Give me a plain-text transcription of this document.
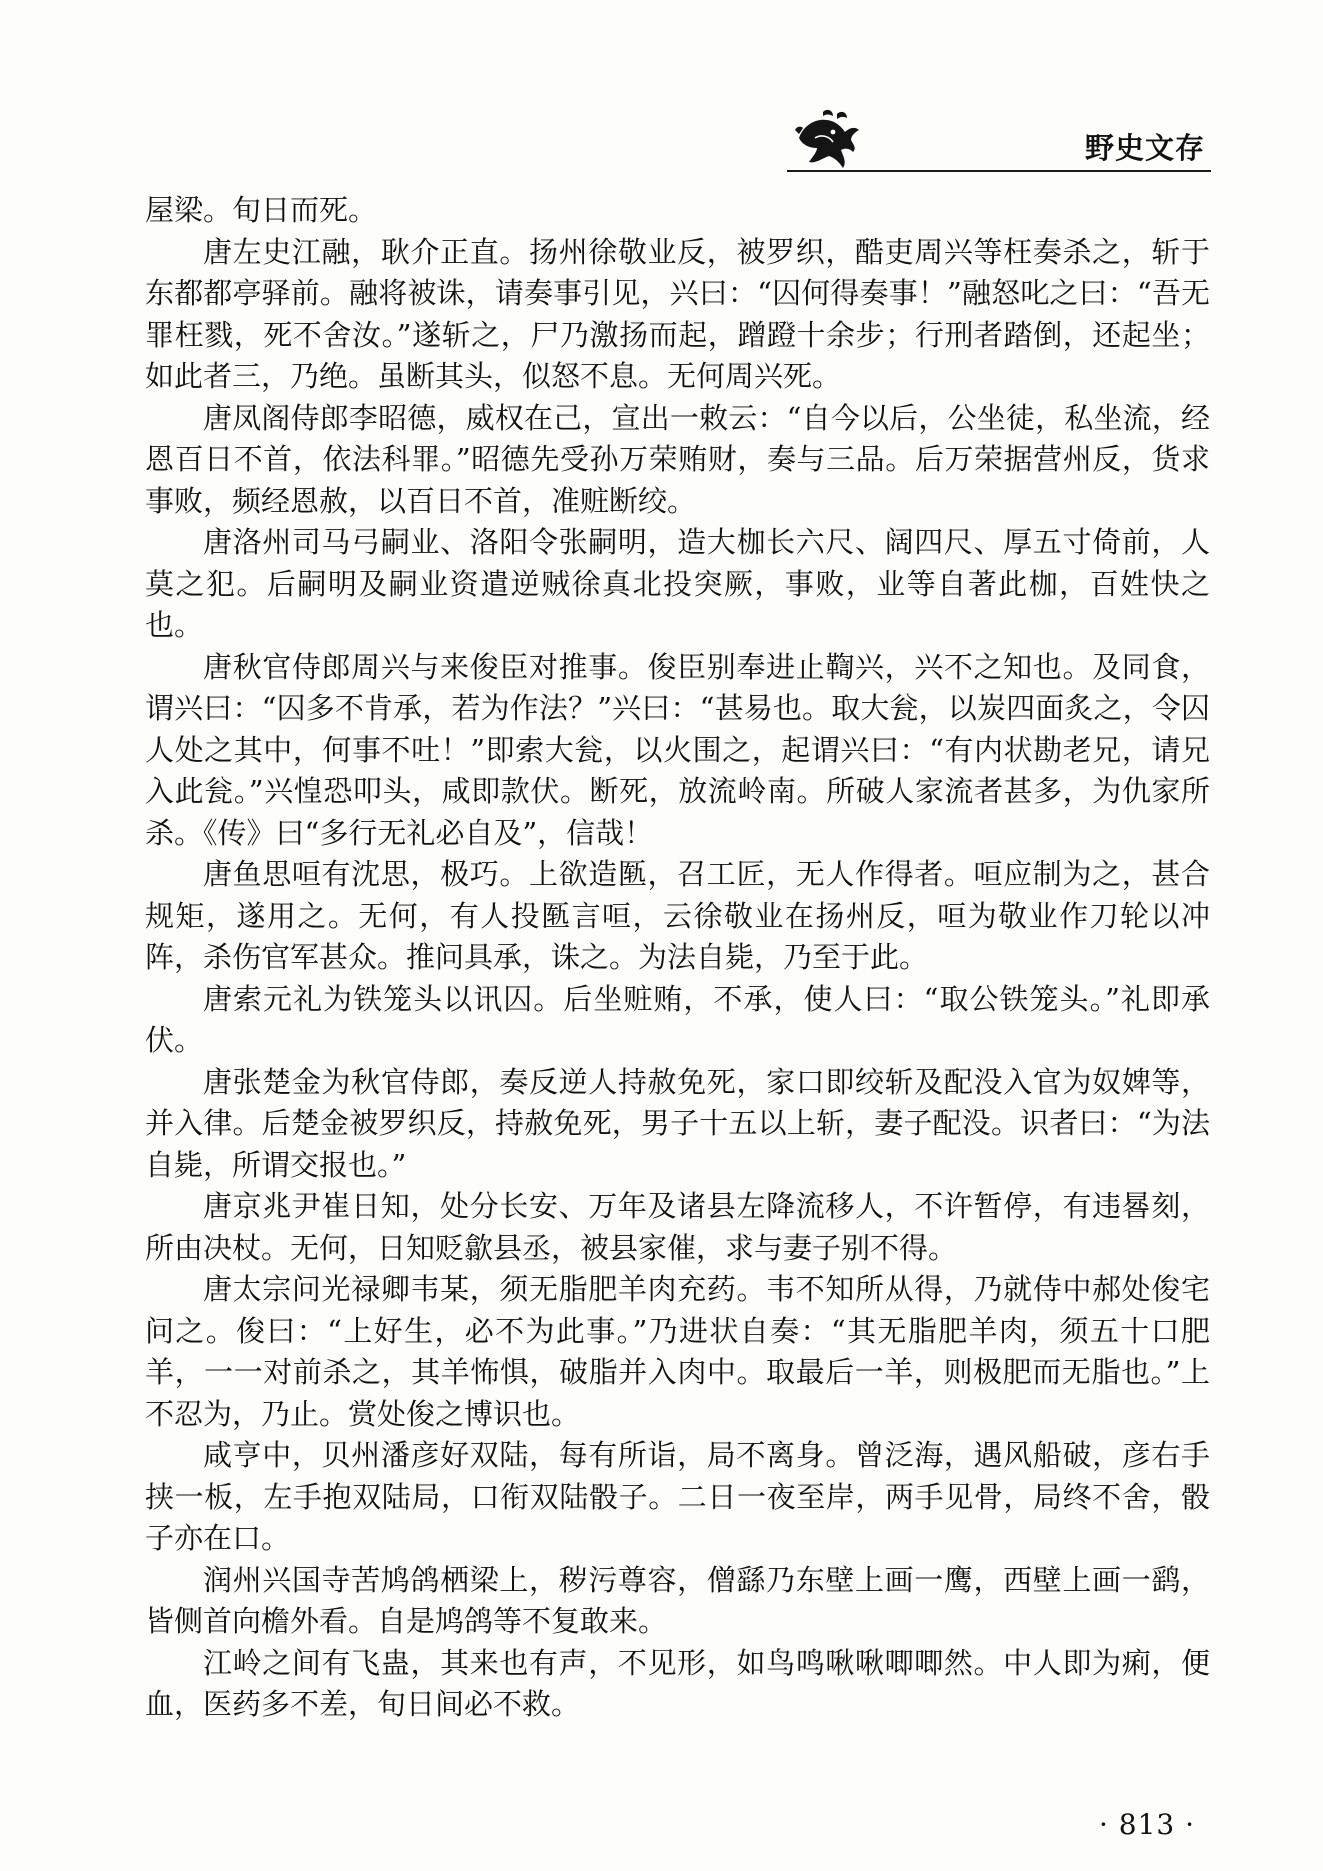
野史文存

屋梁。旬日而死。

唐左史江融，耿介正直。扬州徐敬业反，被罗织，酷吏周兴等枉奏杀之，斩于东都都亭驿前。融将被诛，请奏事引见，兴曰：“囚何得奏事！”融怒叱之曰：“吾无罪枉戮，死不舍汝。”遂斩之，尸乃激扬而起，蹭蹬十余步；行刑者踏倒，还起坐；如此者三，乃绝。虽断其头，似怒不息。无何周兴死。

唐凤阁侍郎李昭德，威权在己，宣出一敕云：“自今以后，公坐徒，私坐流，经恩百日不首，依法科罪。”昭德先受孙万荣贿财，奏与三品。后万荣据营州反，货求事败，频经恩赦，以百日不首，准赃断绞。

唐洛州司马弓嗣业、洛阳令张嗣明，造大枷长六尺、阔四尺、厚五寸倚前，人莫之犯。后嗣明及嗣业资遣逆贼徐真北投突厥，事败，业等自著此枷，百姓快之也。

唐秋官侍郎周兴与来俊臣对推事。俊臣别奉进止鞫兴，兴不之知也。及同食，谓兴曰：“囚多不肯承，若为作法？”兴曰：“甚易也。取大瓮，以炭四面炙之，令囚人处之其中，何事不吐！”即索大瓮，以火围之，起谓兴曰：“有内状勘老兄，请兄入此瓮。”兴惶恐叩头，咸即款伏。断死，放流岭南。所破人家流者甚多，为仇家所杀。《传》曰“多行无礼必自及”，信哉！

唐鱼思咺有沈思，极巧。上欲造匦，召工匠，无人作得者。咺应制为之，甚合规矩，遂用之。无何，有人投匦言咺，云徐敬业在扬州反，咺为敬业作刀轮以冲阵，杀伤官军甚众。推问具承，诛之。为法自毙，乃至于此。

唐索元礼为铁笼头以讯囚。后坐赃贿，不承，使人曰：“取公铁笼头。”礼即承伏。

唐张楚金为秋官侍郎，奏反逆人持赦免死，家口即绞斩及配没入官为奴婢等，并入律。后楚金被罗织反，持赦免死，男子十五以上斩，妻子配没。识者曰：“为法自毙，所谓交报也。”

唐京兆尹崔日知，处分长安、万年及诸县左降流移人，不许暂停，有违晷刻，所由决杖。无何，日知贬歙县丞，被县家催，求与妻子别不得。

唐太宗问光禄卿韦某，须无脂肥羊肉充药。韦不知所从得，乃就侍中郝处俊宅问之。俊曰：“上好生，必不为此事。”乃进状自奏：“其无脂肥羊肉，须五十口肥羊，一一对前杀之，其羊怖惧，破脂并入肉中。取最后一羊，则极肥而无脂也。”上不忍为，乃止。赏处俊之博识也。

咸亨中，贝州潘彦好双陆，每有所诣，局不离身。曾泛海，遇风船破，彦右手挟一板，左手抱双陆局，口衔双陆骰子。二日一夜至岸，两手见骨，局终不舍，骰子亦在口。

润州兴国寺苦鸠鸽栖梁上，秽污尊容，僧繇乃东壁上画一鹰，西壁上画一鹞，皆侧首向檐外看。自是鸠鸽等不复敢来。

江岭之间有飞蛊，其来也有声，不见形，如鸟鸣啾啾唧唧然。中人即为痢，便血，医药多不差，旬日间必不救。

· 813 ·
